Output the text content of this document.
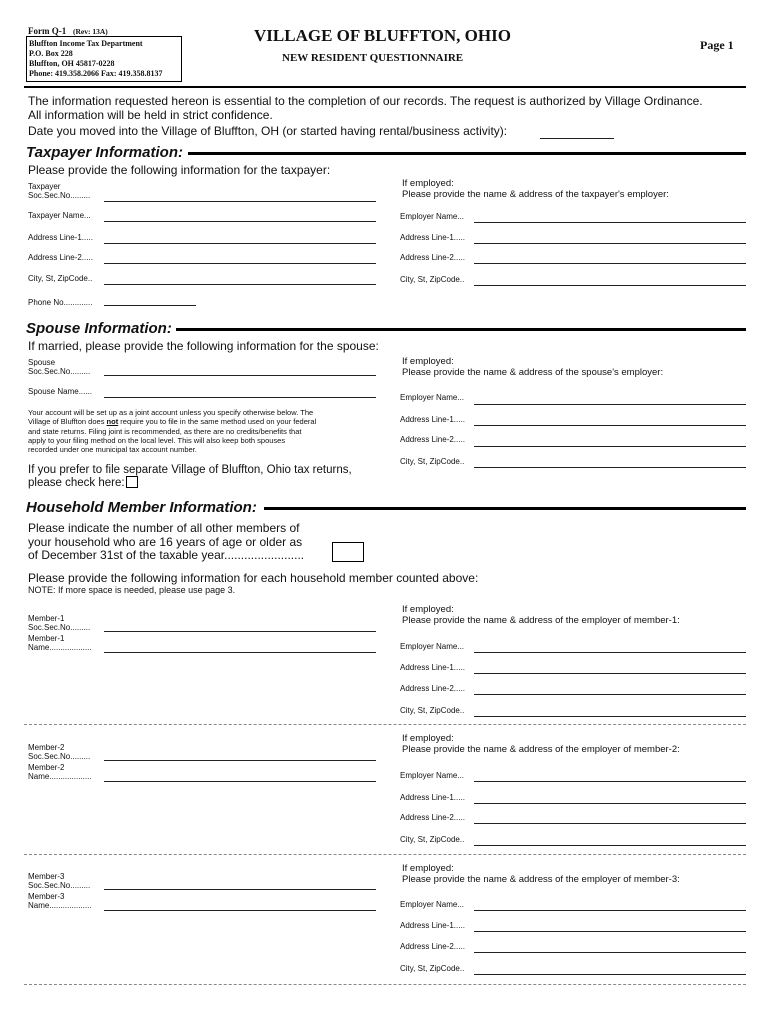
Form Q-1 (Rev: 13A)
Bluffton Income Tax Department
P.O. Box 228
Bluffton, OH 45817-0228
Phone: 419.358.2066 Fax: 419.358.8137
VILLAGE OF BLUFFTON, OHIO
NEW RESIDENT QUESTIONNAIRE
Page 1
The information requested hereon is essential to the completion of our records. The request is authorized by Village Ordinance.
All information will be held in strict confidence.
Date you moved into the Village of Bluffton, OH (or started having rental/business activity):
Taxpayer Information:
Please provide the following information for the taxpayer:
Taxpayer
Soc.Sec.No.........
Taxpayer Name...
Address Line-1.....
Address Line-2.....
City, St, ZipCode..
Phone No.............
If employed:
Please provide the name & address of the taxpayer's employer:
Employer Name...
Address Line-1.....
Address Line-2.....
City, St, ZipCode..
Spouse Information:
If married, please provide the following information for the spouse:
Spouse
Soc.Sec.No.........
Spouse Name......
Your account will be set up as a joint account unless you specify otherwise below. The
Village of Bluffton does not require you to file in the same method used on your federal
and state returns. Filing joint is recommended, as there are no credits/benefits that
apply to your filing method on the local level. This will also keep both spouses
recorded under one municipal tax account number.
If you prefer to file separate Village of Bluffton, Ohio tax returns,
please check here:
If employed:
Please provide the name & address of the spouse's employer:
Employer Name...
Address Line-1.....
Address Line-2.....
City, St, ZipCode..
Household Member Information:
Please indicate the number of all other members of
your household who are 16 years of age or older as
of December 31st of the taxable year........................
Please provide the following information for each household member counted above:
NOTE: If more space is needed, please use page 3.
Member-1
Soc.Sec.No.........
Member-1
Name...................
If employed:
Please provide the name & address of the employer of member-1:
Employer Name...
Address Line-1.....
Address Line-2.....
City, St, ZipCode..
Member-2
Soc.Sec.No.........
Member-2
Name...................
If employed:
Please provide the name & address of the employer of member-2:
Employer Name...
Address Line-1.....
Address Line-2.....
City, St, ZipCode..
Member-3
Soc.Sec.No.........
Member-3
Name...................
If employed:
Please provide the name & address of the employer of member-3:
Employer Name...
Address Line-1.....
Address Line-2.....
City, St, ZipCode..
